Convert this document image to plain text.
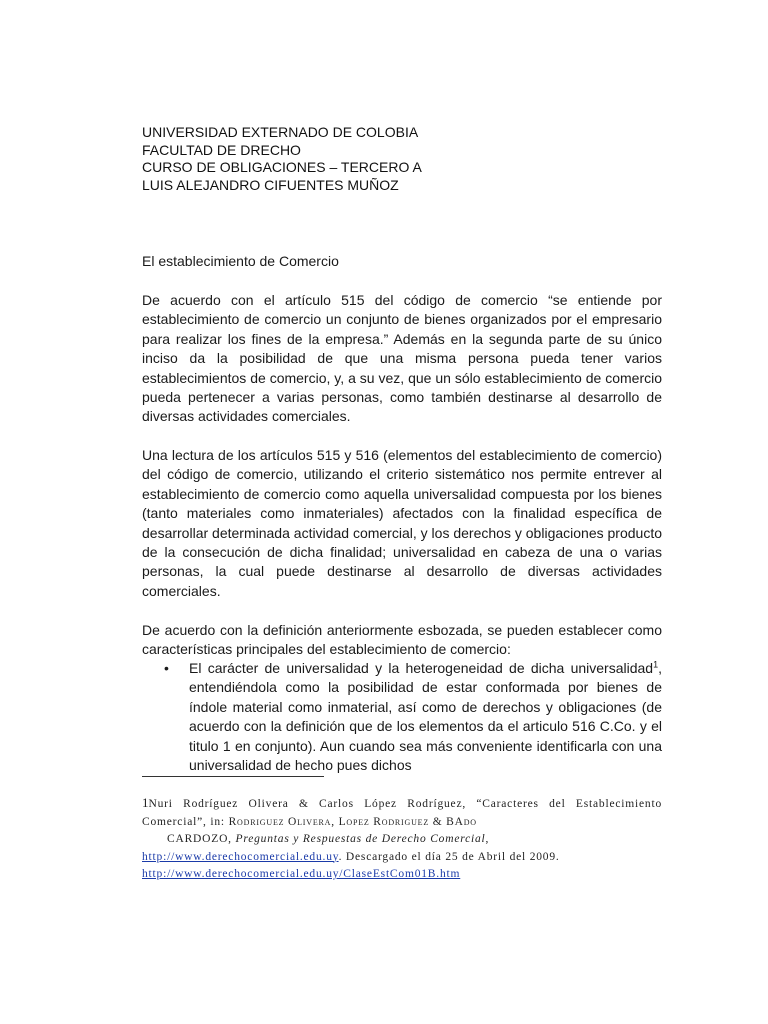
UNIVERSIDAD EXTERNADO DE COLOBIA
FACULTAD DE DRECHO
CURSO DE OBLIGACIONES – TERCERO A
LUIS ALEJANDRO CIFUENTES MUÑOZ
El establecimiento de Comercio
De acuerdo con el artículo 515 del código de comercio “se entiende por establecimiento de comercio un conjunto de bienes organizados por el empresario para realizar los fines de la empresa.” Además en la segunda parte de su único inciso da la posibilidad de que una misma persona pueda tener varios establecimientos de comercio, y, a su vez, que un sólo establecimiento de comercio pueda pertenecer a varias personas, como también destinarse al desarrollo de diversas actividades comerciales.
Una lectura de los artículos 515 y 516 (elementos del establecimiento de comercio) del código de comercio, utilizando el criterio sistemático nos permite entrever al establecimiento de comercio como aquella universalidad compuesta por los bienes (tanto materiales como inmateriales) afectados con la finalidad específica de desarrollar determinada actividad comercial, y los derechos y obligaciones producto de la consecución de dicha finalidad; universalidad en cabeza de una o varias personas, la cual puede destinarse al desarrollo de diversas actividades comerciales.
De acuerdo con la definición anteriormente esbozada, se pueden establecer como características principales del establecimiento de comercio:
• El carácter de universalidad y la heterogeneidad de dicha universalidad$^1$, entendiéndola como la posibilidad de estar conformada por bienes de índole material como inmaterial, así como de derechos y obligaciones (de acuerdo con la definición que de los elementos da el articulo 516 C.Co. y el titulo 1 en conjunto). Aun cuando sea más conveniente identificarla con una universalidad de hecho pues dichos
1Nuri Rodríguez Olivera & Carlos López Rodríguez, “Caracteres del Establecimiento Comercial”, in: Rodriguez Olivera, Lopez Rodriguez & BAdo
CARDOZO, Preguntas y Respuestas de Derecho Comercial,
http://www.derechocomercial.edu.uy. Descargado el día 25 de Abril del 2009.
http://www.derechocomercial.edu.uy/ClaseEstCom01B.htm
